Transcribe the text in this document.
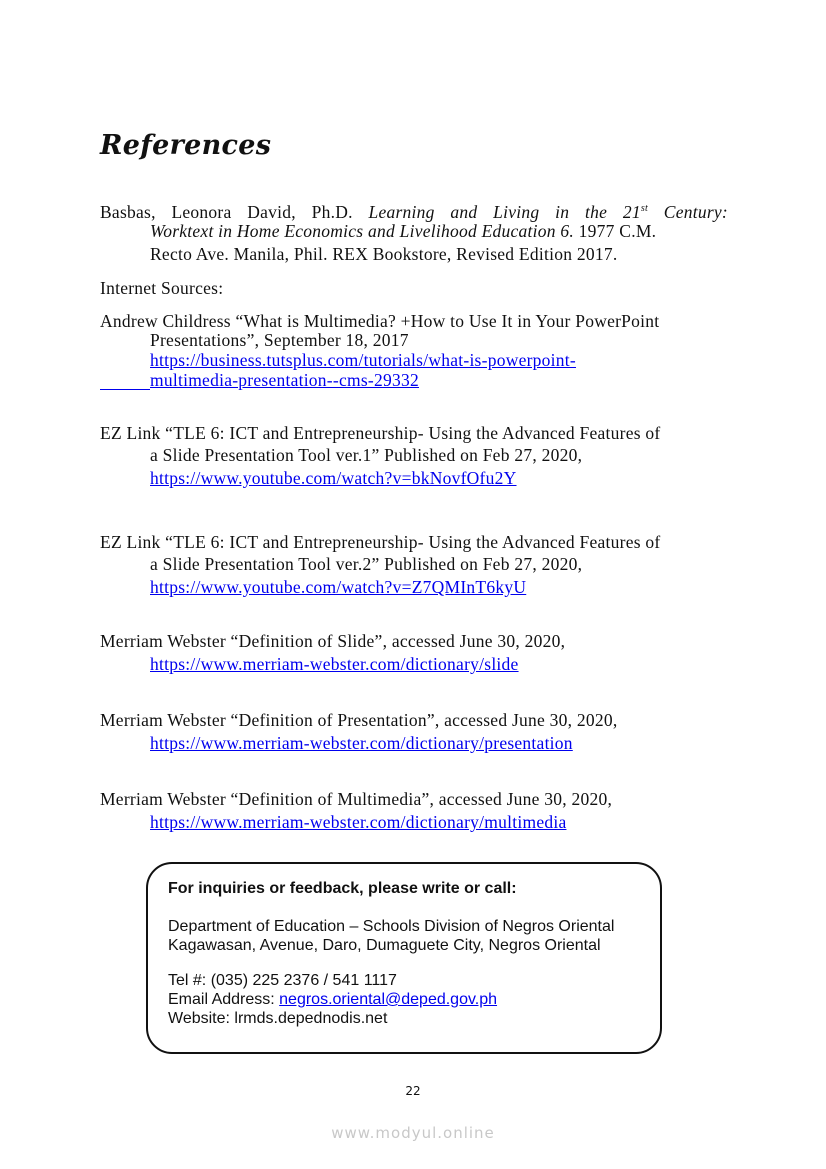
References
Basbas, Leonora David, Ph.D. Learning and Living in the 21st Century:
Worktext in Home Economics and Livelihood Education 6. 1977 C.M.
Recto Ave. Manila, Phil. REX Bookstore, Revised Edition 2017.
Internet Sources:
Andrew Childress “What is Multimedia? +How to Use It in Your PowerPoint
Presentations”, September 18, 2017
https://business.tutsplus.com/tutorials/what-is-powerpoint-
multimedia-presentation--cms-29332
EZ Link “TLE 6: ICT and Entrepreneurship- Using the Advanced Features of
a Slide Presentation Tool ver.1” Published on Feb 27, 2020,
https://www.youtube.com/watch?v=bkNovfOfu2Y
EZ Link “TLE 6: ICT and Entrepreneurship- Using the Advanced Features of
a Slide Presentation Tool ver.2” Published on Feb 27, 2020,
https://www.youtube.com/watch?v=Z7QMInT6kyU
Merriam Webster “Definition of Slide”, accessed June 30, 2020,
https://www.merriam-webster.com/dictionary/slide
Merriam Webster “Definition of Presentation”, accessed June 30, 2020,
https://www.merriam-webster.com/dictionary/presentation
Merriam Webster “Definition of Multimedia”, accessed June 30, 2020,
https://www.merriam-webster.com/dictionary/multimedia
For inquiries or feedback, please write or call:
Department of Education – Schools Division of Negros Oriental
Kagawasan, Avenue, Daro, Dumaguete City, Negros Oriental
Tel #: (035) 225 2376 / 541 1117
Email Address: negros.oriental@deped.gov.ph
Website: lrmds.depednodis.net
22
www.modyul.online
